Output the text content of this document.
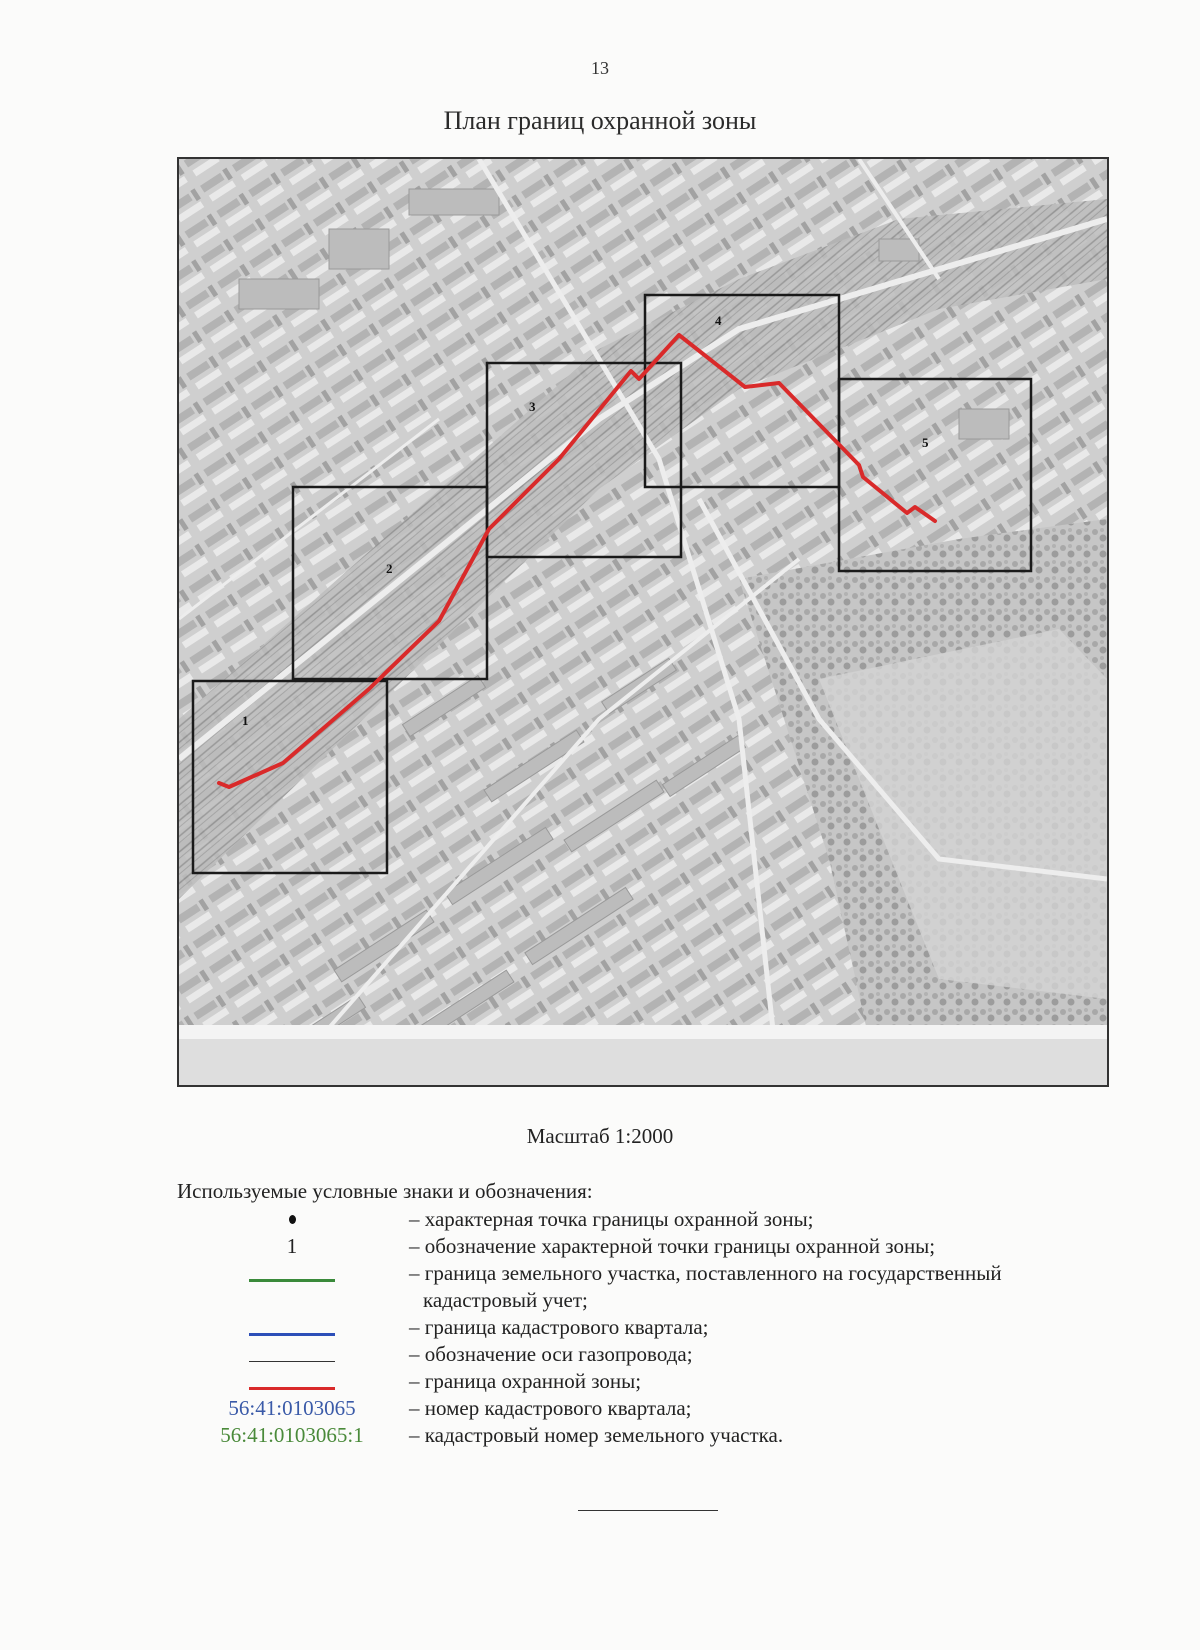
13
План границ охранной зоны
1
2
3
4
5
Масштаб 1:2000
Используемые условные знаки и обозначения:
– характерная точка границы охранной зоны;
1	– обозначение характерной точки границы охранной зоны;
– граница земельного участка, поставленного на государственный
кадастровый учет;
– граница кадастрового квартала;
– обозначение оси газопровода;
– граница охранной зоны;
56:41:0103065	– номер кадастрового квартала;
56:41:0103065:1	– кадастровый номер земельного участка.
